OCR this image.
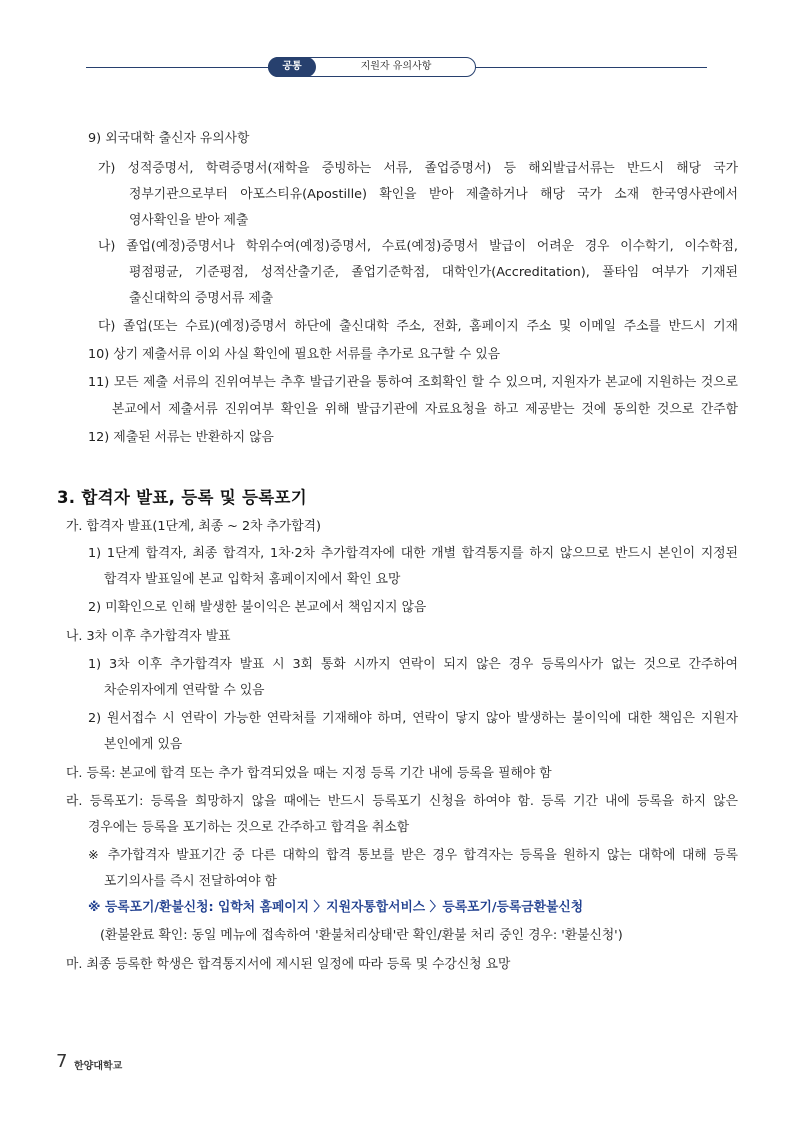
공통	지원자 유의사항
9) 외국대학 출신자 유의사항
가) 성적증명서, 학력증명서(재학을 증빙하는 서류, 졸업증명서) 등 해외발급서류는 반드시 해당 국가
정부기관으로부터 아포스티유(Apostille) 확인을 받아 제출하거나 해당 국가 소재 한국영사관에서
영사확인을 받아 제출
나) 졸업(예정)증명서나 학위수여(예정)증명서, 수료(예정)증명서 발급이 어려운 경우 이수학기, 이수학점,
평점평균, 기준평점, 성적산출기준, 졸업기준학점, 대학인가(Accreditation), 풀타임 여부가 기재된
출신대학의 증명서류 제출
다) 졸업(또는 수료)(예정)증명서 하단에 출신대학 주소, 전화, 홈페이지 주소 및 이메일 주소를 반드시 기재
10) 상기 제출서류 이외 사실 확인에 필요한 서류를 추가로 요구할 수 있음
11) 모든 제출 서류의 진위여부는 추후 발급기관을 통하여 조회확인 할 수 있으며, 지원자가 본교에 지원하는 것으로
본교에서 제출서류 진위여부 확인을 위해 발급기관에 자료요청을 하고 제공받는 것에 동의한 것으로 간주함
12) 제출된 서류는 반환하지 않음
3. 합격자 발표, 등록 및 등록포기
가. 합격자 발표(1단계, 최종 ~ 2차 추가합격)
1) 1단계 합격자, 최종 합격자, 1차·2차 추가합격자에 대한 개별 합격통지를 하지 않으므로 반드시 본인이 지정된
합격자 발표일에 본교 입학처 홈페이지에서 확인 요망
2) 미확인으로 인해 발생한 불이익은 본교에서 책임지지 않음
나. 3차 이후 추가합격자 발표
1) 3차 이후 추가합격자 발표 시 3회 통화 시까지 연락이 되지 않은 경우 등록의사가 없는 것으로 간주하여
차순위자에게 연락할 수 있음
2) 원서접수 시 연락이 가능한 연락처를 기재해야 하며, 연락이 닿지 않아 발생하는 불이익에 대한 책임은 지원자
본인에게 있음
다. 등록: 본교에 합격 또는 추가 합격되었을 때는 지정 등록 기간 내에 등록을 필해야 함
라. 등록포기: 등록을 희망하지 않을 때에는 반드시 등록포기 신청을 하여야 함. 등록 기간 내에 등록을 하지 않은
경우에는 등록을 포기하는 것으로 간주하고 합격을 취소함
※ 추가합격자 발표기간 중 다른 대학의 합격 통보를 받은 경우 합격자는 등록을 원하지 않는 대학에 대해 등록
포기의사를 즉시 전달하여야 함
※ 등록포기/환불신청: 입학처 홈페이지 〉지원자통합서비스 〉등록포기/등록금환불신청
(환불완료 확인: 동일 메뉴에 접속하여 '환불처리상태'란 확인/환불 처리 중인 경우: '환불신청')
마. 최종 등록한 학생은 합격통지서에 제시된 일정에 따라 등록 및 수강신청 요망
7 한양대학교
